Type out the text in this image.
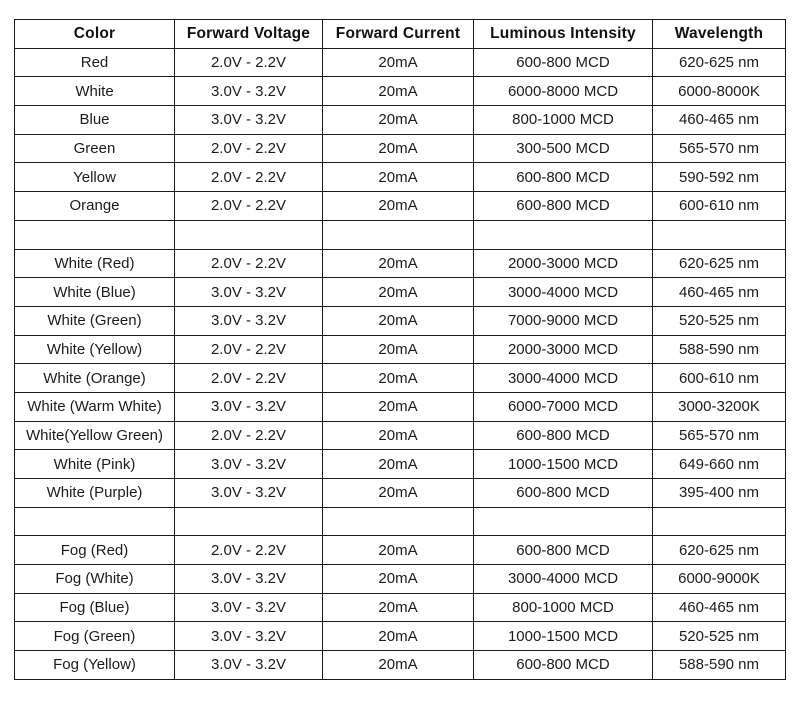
Color	Forward Voltage	Forward Current	Luminous Intensity	Wavelength
Red	2.0V - 2.2V	20mA	600-800 MCD	620-625 nm
White	3.0V - 3.2V	20mA	6000-8000 MCD	6000-8000K
Blue	3.0V - 3.2V	20mA	800-1000 MCD	460-465 nm
Green	2.0V - 2.2V	20mA	300-500 MCD	565-570 nm
Yellow	2.0V - 2.2V	20mA	600-800 MCD	590-592 nm
Orange	2.0V - 2.2V	20mA	600-800 MCD	600-610 nm

White (Red)	2.0V - 2.2V	20mA	2000-3000 MCD	620-625 nm
White (Blue)	3.0V - 3.2V	20mA	3000-4000 MCD	460-465 nm
White (Green)	3.0V - 3.2V	20mA	7000-9000 MCD	520-525 nm
White (Yellow)	2.0V - 2.2V	20mA	2000-3000 MCD	588-590 nm
White (Orange)	2.0V - 2.2V	20mA	3000-4000 MCD	600-610 nm
White (Warm White)	3.0V - 3.2V	20mA	6000-7000 MCD	3000-3200K
White(Yellow Green)	2.0V - 2.2V	20mA	600-800 MCD	565-570 nm
White (Pink)	3.0V - 3.2V	20mA	1000-1500 MCD	649-660 nm
White (Purple)	3.0V - 3.2V	20mA	600-800 MCD	395-400 nm

Fog (Red)	2.0V - 2.2V	20mA	600-800 MCD	620-625 nm
Fog (White)	3.0V - 3.2V	20mA	3000-4000 MCD	6000-9000K
Fog (Blue)	3.0V - 3.2V	20mA	800-1000 MCD	460-465 nm
Fog (Green)	3.0V - 3.2V	20mA	1000-1500 MCD	520-525 nm
Fog (Yellow)	3.0V - 3.2V	20mA	600-800 MCD	588-590 nm
